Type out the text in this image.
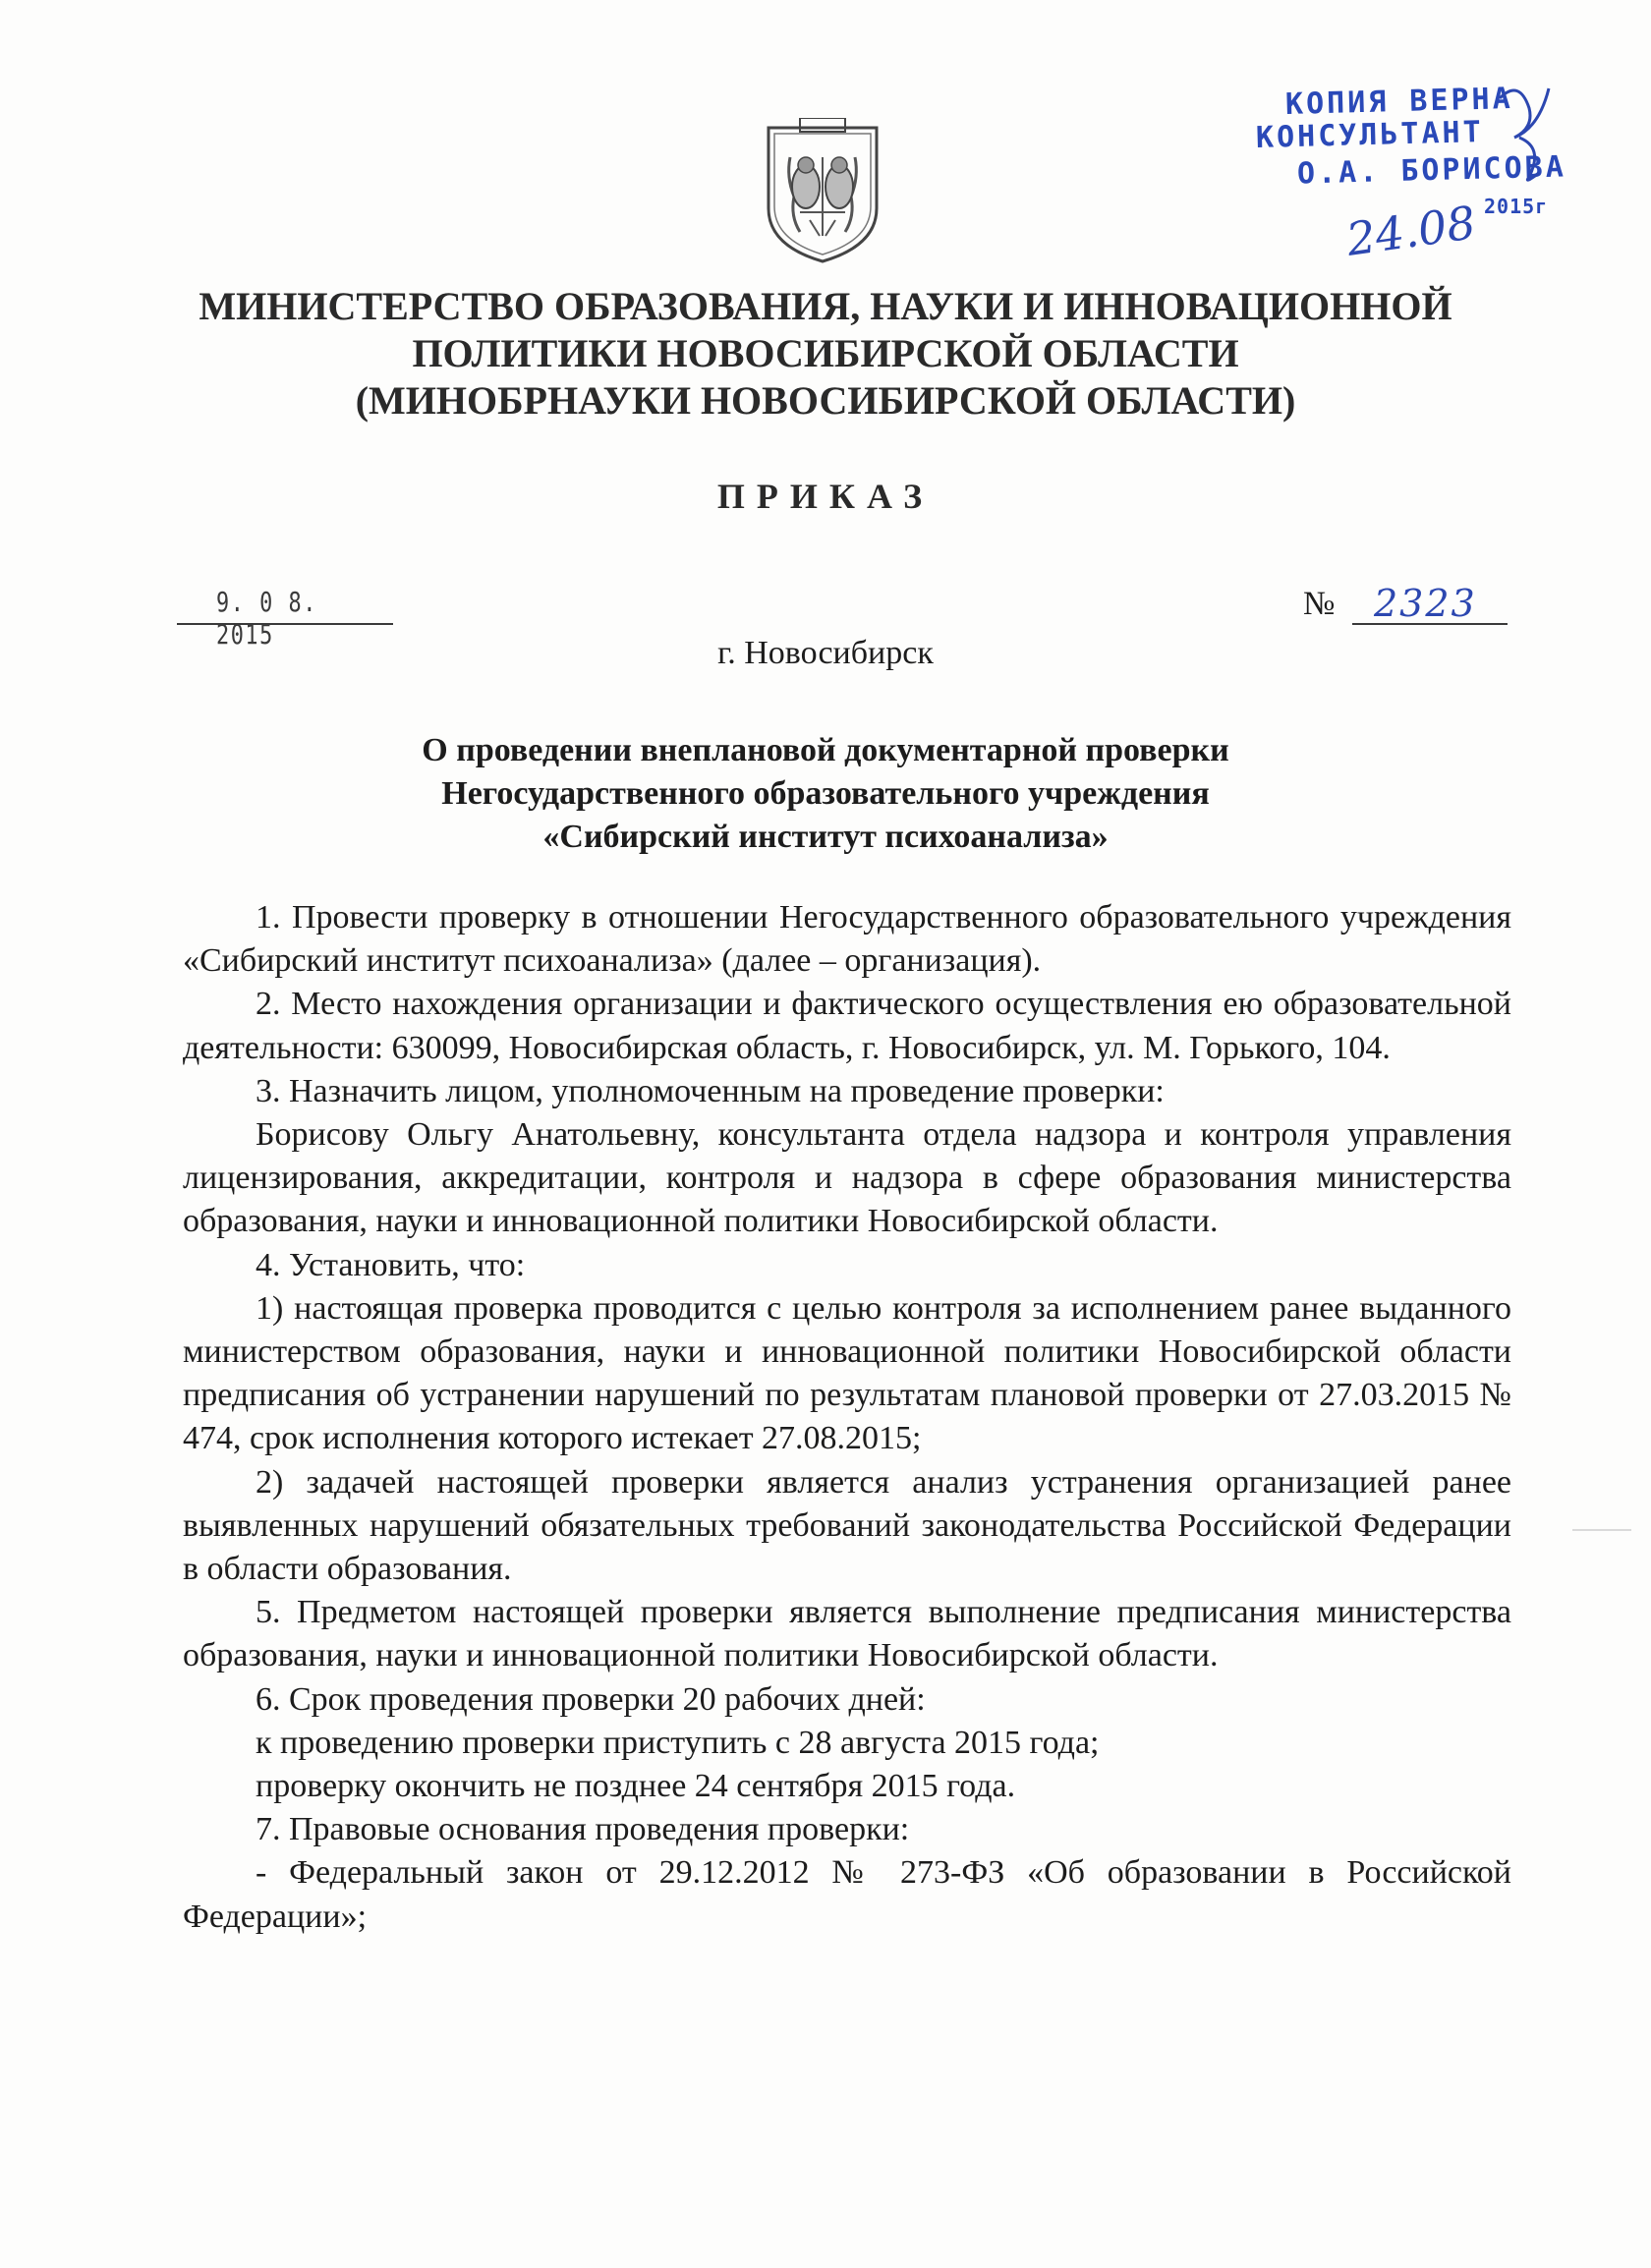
КОПИЯ ВЕРНА
КОНСУЛЬТАНТ
О.А. БОРИСОВА
2015г
24.08
МИНИСТЕРСТВО ОБРАЗОВАНИЯ, НАУКИ И ИННОВАЦИОННОЙ
ПОЛИТИКИ НОВОСИБИРСКОЙ ОБЛАСТИ
(МИНОБРНАУКИ НОВОСИБИРСКОЙ ОБЛАСТИ)
ПРИКАЗ
9. 0 8. 2015
№ 2323
г. Новосибирск
О проведении внеплановой документарной проверки
Негосударственного образовательного учреждения
«Сибирский институт психоанализа»

1. Провести проверку в отношении Негосударственного образовательного учреждения «Сибирский институт психоанализа» (далее – организация).

2. Место нахождения организации и фактического осуществления ею образовательной деятельности: 630099, Новосибирская область, г. Новосибирск, ул. М. Горького, 104.

3. Назначить лицом, уполномоченным на проведение проверки:

Борисову Ольгу Анатольевну, консультанта отдела надзора и контроля управления лицензирования, аккредитации, контроля и надзора в сфере образования министерства образования, науки и инновационной политики Новосибирской области.

4. Установить, что:

1) настоящая проверка проводится с целью контроля за исполнением ранее выданного министерством образования, науки и инновационной политики Новосибирской области предписания об устранении нарушений по результатам плановой проверки от 27.03.2015 № 474, срок исполнения которого истекает 27.08.2015;

2) задачей настоящей проверки является анализ устранения организацией ранее выявленных нарушений обязательных требований законодательства Российской Федерации в области образования.

5. Предметом настоящей проверки является выполнение предписания министерства образования, науки и инновационной политики Новосибирской области.

6. Срок проведения проверки 20 рабочих дней:

к проведению проверки приступить с 28 августа 2015 года;

проверку окончить не позднее 24 сентября 2015 года.

7. Правовые основания проведения проверки:

- Федеральный закон от 29.12.2012 № 273-ФЗ «Об образовании в Российской Федерации»;
